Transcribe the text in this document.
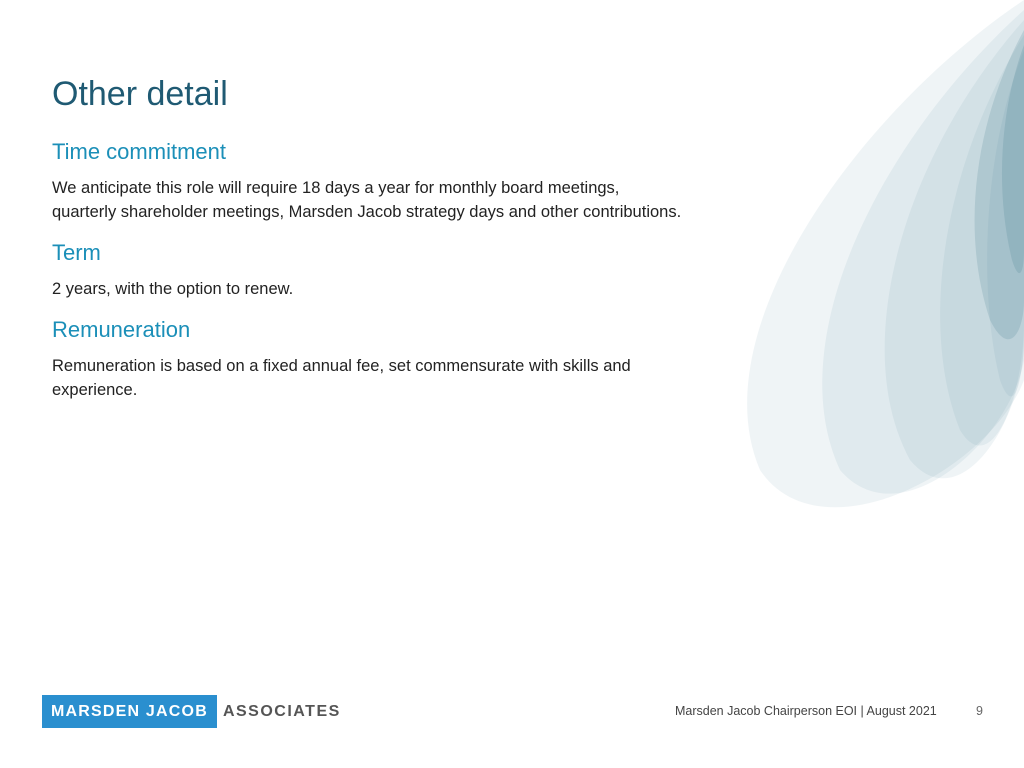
Other detail
Time commitment

We anticipate this role will require 18 days a year for monthly board meetings,
quarterly shareholder meetings, Marsden Jacob strategy days and other contributions.

Term

2 years, with the option to renew.

Remuneration

Remuneration is based on a fixed annual fee, set commensurate with skills and
experience.

MARSDEN JACOB ASSOCIATES	Marsden Jacob Chairperson EOI | August 2021	9
